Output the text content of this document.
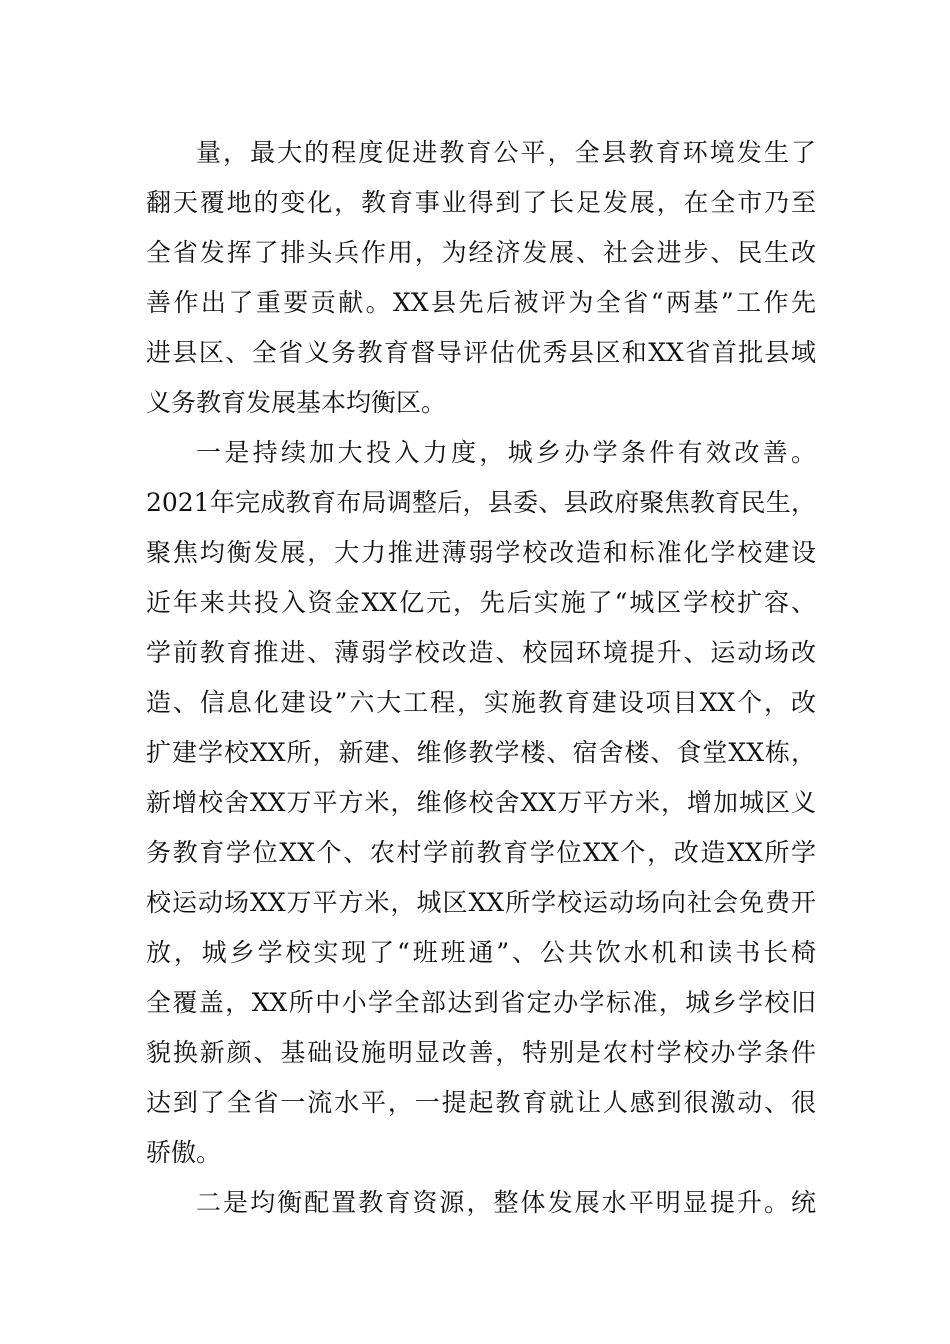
量，最大的程度促进教育公平，全县教育环境发生了
翻天覆地的变化，教育事业得到了长足发展，在全市乃至
全省发挥了排头兵作用，为经济发展、社会进步、民生改
善作出了重要贡献。XX县先后被评为全省“两基”工作先
进县区、全省义务教育督导评估优秀县区和XX省首批县域
义务教育发展基本均衡区。
一是持续加大投入力度，城乡办学条件有效改善。
2021年完成教育布局调整后，县委、县政府聚焦教育民生，
聚焦均衡发展，大力推进薄弱学校改造和标准化学校建设
近年来共投入资金XX亿元，先后实施了“城区学校扩容、
学前教育推进、薄弱学校改造、校园环境提升、运动场改
造、信息化建设”六大工程，实施教育建设项目XX个，改
扩建学校XX所，新建、维修教学楼、宿舍楼、食堂XX栋，
新增校舍XX万平方米，维修校舍XX万平方米，增加城区义
务教育学位XX个、农村学前教育学位XX个，改造XX所学
校运动场XX万平方米，城区XX所学校运动场向社会免费开
放，城乡学校实现了“班班通”、公共饮水机和读书长椅
全覆盖，XX所中小学全部达到省定办学标准，城乡学校旧
貌换新颜、基础设施明显改善，特别是农村学校办学条件
达到了全省一流水平，一提起教育就让人感到很激动、很
骄傲。
二是均衡配置教育资源，整体发展水平明显提升。统
